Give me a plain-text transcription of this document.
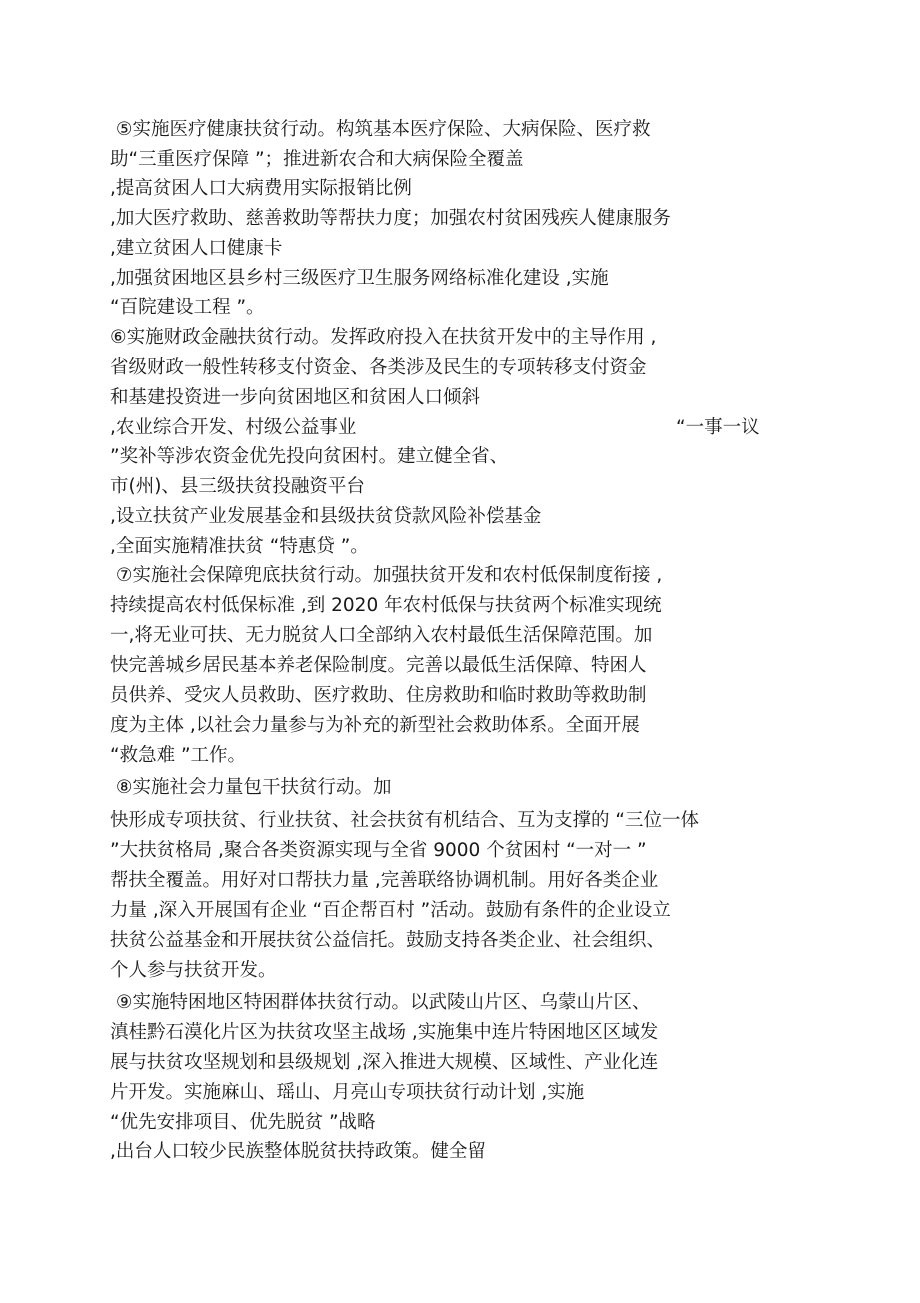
⑤实施医疗健康扶贫行动。构筑基本医疗保险、大病保险、医疗救
助“三重医疗保障 ”；推进新农合和大病保险全覆盖
,提高贫困人口大病费用实际报销比例
,加大医疗救助、慈善救助等帮扶力度；加强农村贫困残疾人健康服务
,建立贫困人口健康卡
,加强贫困地区县乡村三级医疗卫生服务网络标准化建设 ,实施
“百院建设工程 ”。
⑥实施财政金融扶贫行动。发挥政府投入在扶贫开发中的主导作用 ,
省级财政一般性转移支付资金、各类涉及民生的专项转移支付资金
和基建投资进一步向贫困地区和贫困人口倾斜
,农业综合开发、村级公益事业	“一事一议
”奖补等涉农资金优先投向贫困村。建立健全省、
市(州)、县三级扶贫投融资平台
,设立扶贫产业发展基金和县级扶贫贷款风险补偿基金
,全面实施精准扶贫 “特惠贷 ”。
⑦实施社会保障兜底扶贫行动。加强扶贫开发和农村低保制度衔接 ,
持续提高农村低保标准 ,到 2020 年农村低保与扶贫两个标准实现统
一,将无业可扶、无力脱贫人口全部纳入农村最低生活保障范围。加
快完善城乡居民基本养老保险制度。完善以最低生活保障、特困人
员供养、受灾人员救助、医疗救助、住房救助和临时救助等救助制
度为主体 ,以社会力量参与为补充的新型社会救助体系。全面开展
“救急难 ”工作。
⑧实施社会力量包干扶贫行动。加
快形成专项扶贫、行业扶贫、社会扶贫有机结合、互为支撑的 “三位一体
”大扶贫格局 ,聚合各类资源实现与全省 9000 个贫困村 “一对一 ”
帮扶全覆盖。用好对口帮扶力量 ,完善联络协调机制。用好各类企业
力量 ,深入开展国有企业 “百企帮百村 ”活动。鼓励有条件的企业设立
扶贫公益基金和开展扶贫公益信托。鼓励支持各类企业、社会组织、
个人参与扶贫开发。
⑨实施特困地区特困群体扶贫行动。以武陵山片区、乌蒙山片区、
滇桂黔石漠化片区为扶贫攻坚主战场 ,实施集中连片特困地区区域发
展与扶贫攻坚规划和县级规划 ,深入推进大规模、区域性、产业化连
片开发。实施麻山、瑶山、月亮山专项扶贫行动计划 ,实施
“优先安排项目、优先脱贫 ”战略
,出台人口较少民族整体脱贫扶持政策。健全留
